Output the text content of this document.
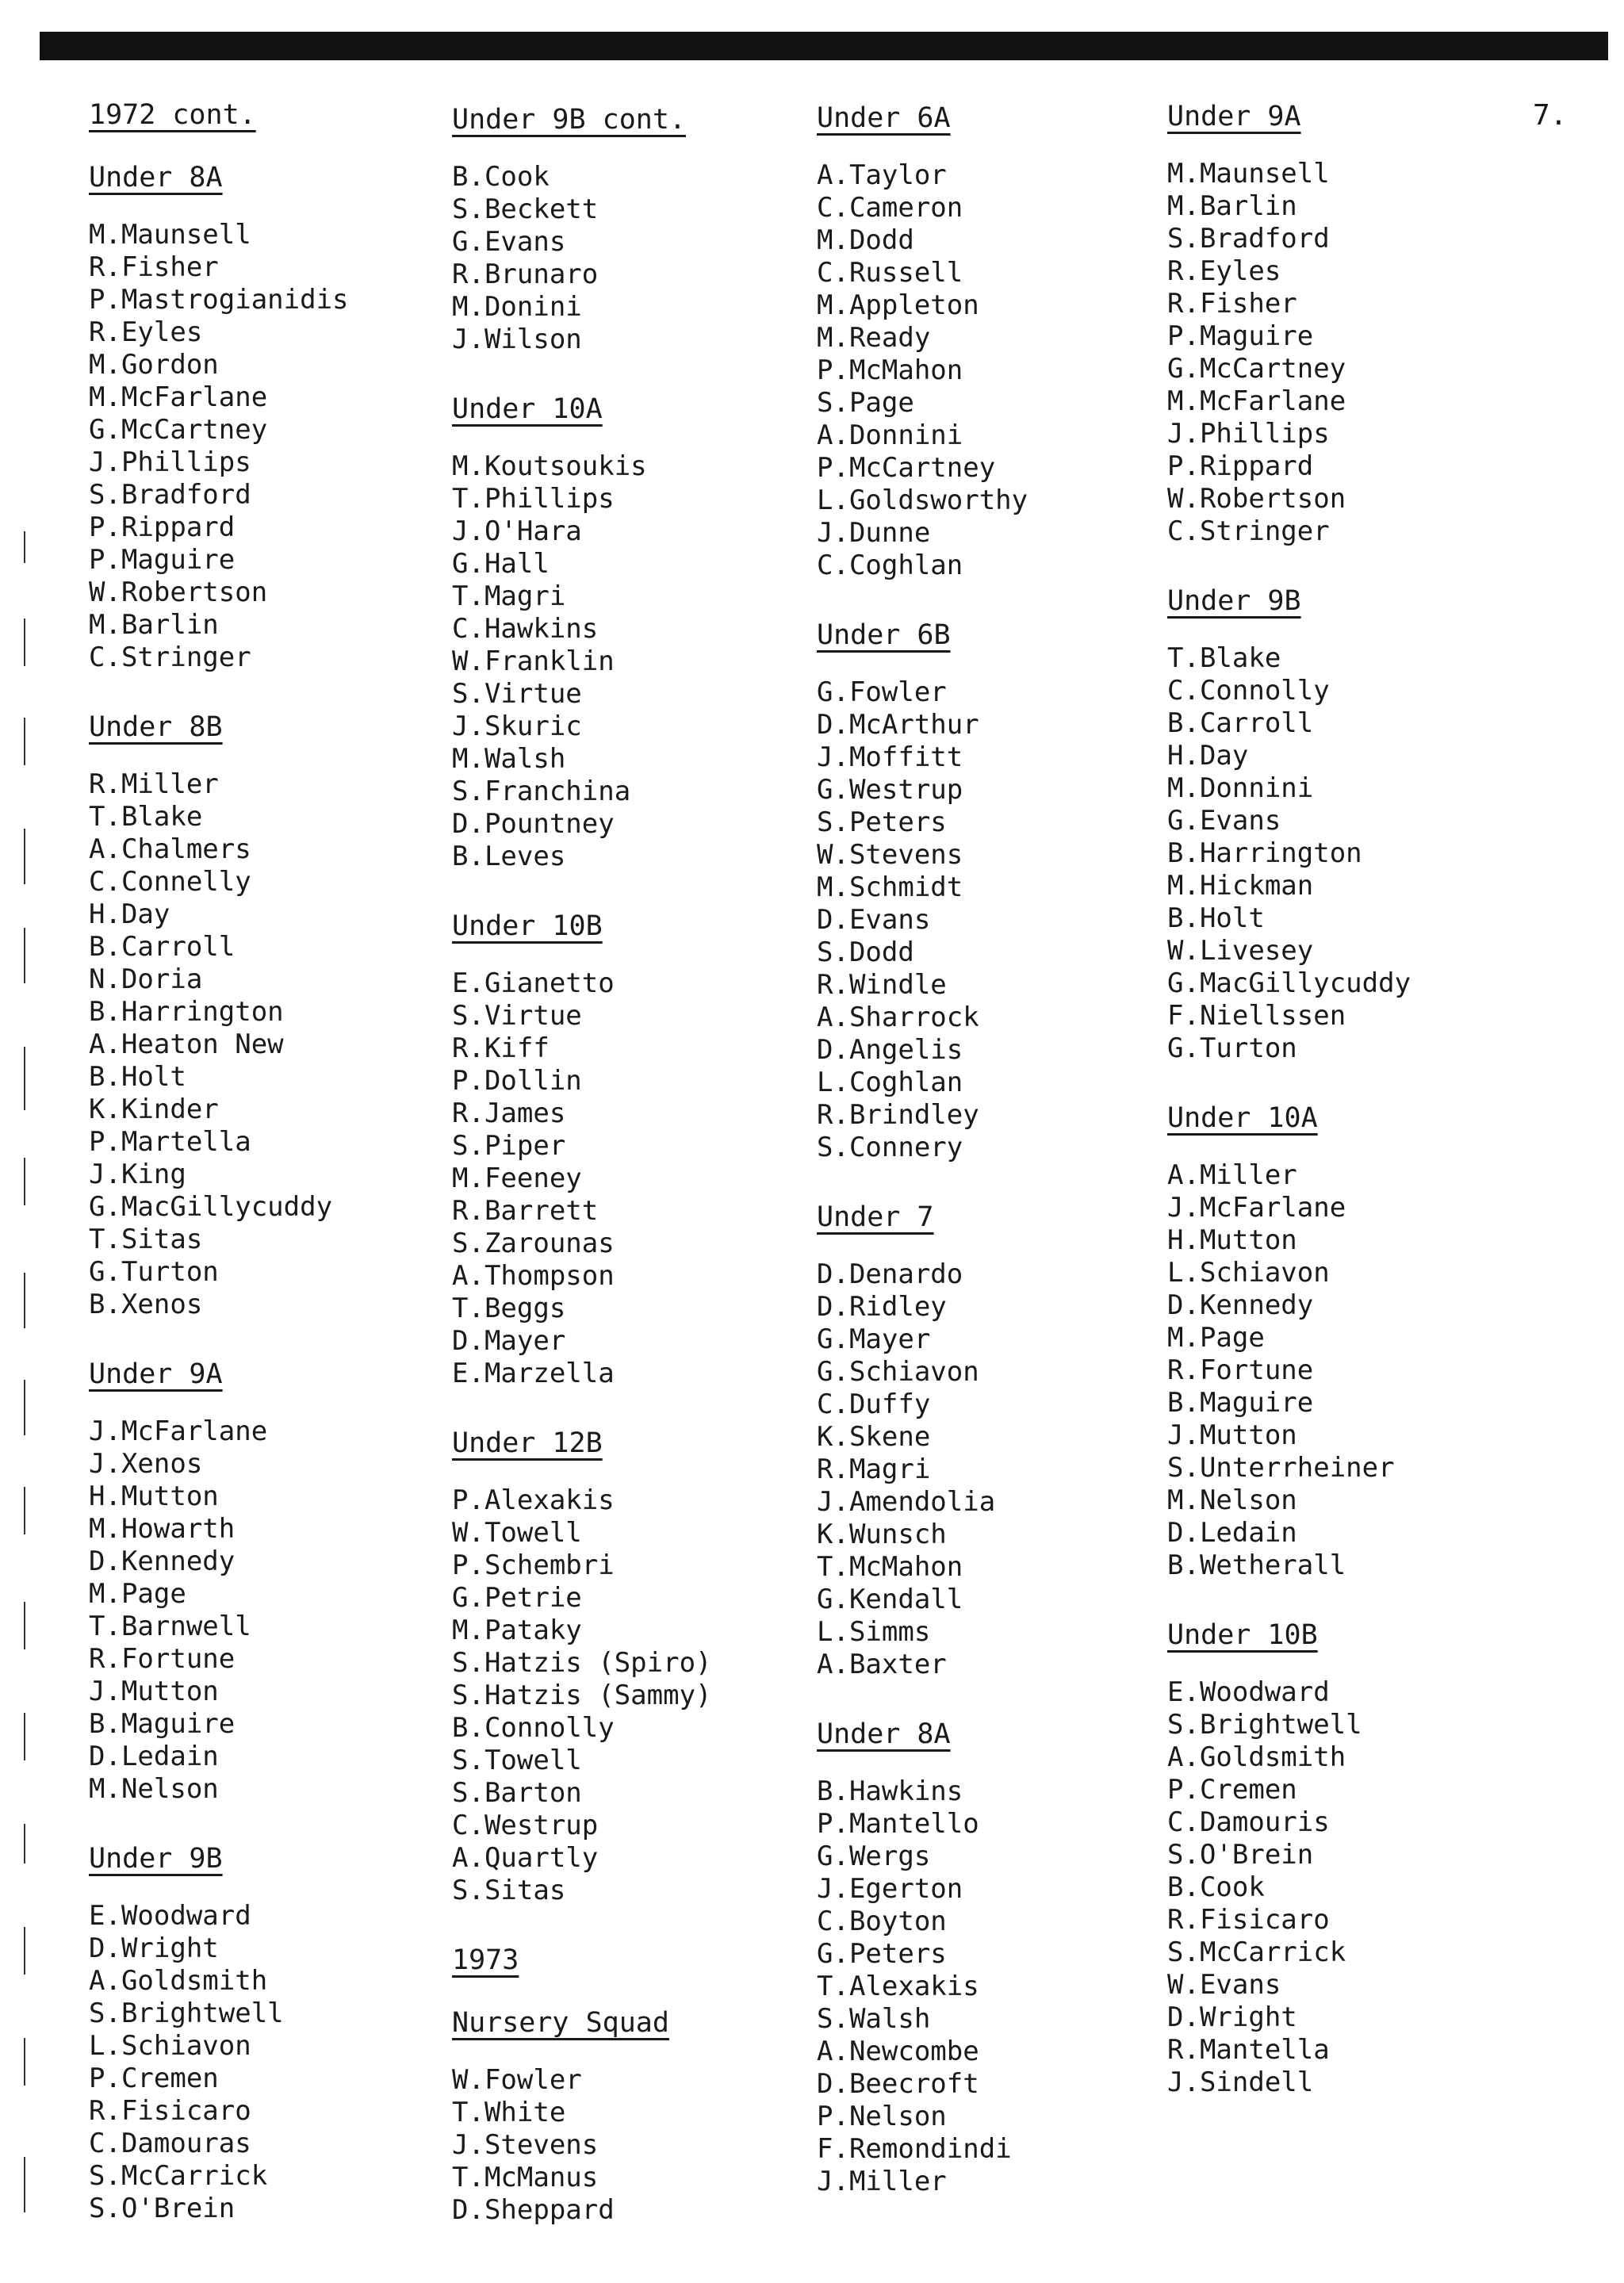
7.
1972 cont.
Under 8A
M.Maunsell
R.Fisher
P.Mastrogianidis
R.Eyles
M.Gordon
M.McFarlane
G.McCartney
J.Phillips
S.Bradford
P.Rippard
P.Maguire
W.Robertson
M.Barlin
C.Stringer
Under 8B
R.Miller
T.Blake
A.Chalmers
C.Connelly
H.Day
B.Carroll
N.Doria
B.Harrington
A.Heaton New
B.Holt
K.Kinder
P.Martella
J.King
G.MacGillycuddy
T.Sitas
G.Turton
B.Xenos
Under 9A
J.McFarlane
J.Xenos
H.Mutton
M.Howarth
D.Kennedy
M.Page
T.Barnwell
R.Fortune
J.Mutton
B.Maguire
D.Ledain
M.Nelson
Under 9B
E.Woodward
D.Wright
A.Goldsmith
S.Brightwell
L.Schiavon
P.Cremen
R.Fisicaro
C.Damouras
S.McCarrick
S.O'Brein
Under 9B cont.
B.Cook
S.Beckett
G.Evans
R.Brunaro
M.Donini
J.Wilson
Under 10A
M.Koutsoukis
T.Phillips
J.O'Hara
G.Hall
T.Magri
C.Hawkins
W.Franklin
S.Virtue
J.Skuric
M.Walsh
S.Franchina
D.Pountney
B.Leves
Under 10B
E.Gianetto
S.Virtue
R.Kiff
P.Dollin
R.James
S.Piper
M.Feeney
R.Barrett
S.Zarounas
A.Thompson
T.Beggs
D.Mayer
E.Marzella
Under 12B
P.Alexakis
W.Towell
P.Schembri
G.Petrie
M.Pataky
S.Hatzis (Spiro)
S.Hatzis (Sammy)
B.Connolly
S.Towell
S.Barton
C.Westrup
A.Quartly
S.Sitas
1973
Nursery Squad
W.Fowler
T.White
J.Stevens
T.McManus
D.Sheppard
Under 6A
A.Taylor
C.Cameron
M.Dodd
C.Russell
M.Appleton
M.Ready
P.McMahon
S.Page
A.Donnini
P.McCartney
L.Goldsworthy
J.Dunne
C.Coghlan
Under 6B
G.Fowler
D.McArthur
J.Moffitt
G.Westrup
S.Peters
W.Stevens
M.Schmidt
D.Evans
S.Dodd
R.Windle
A.Sharrock
D.Angelis
L.Coghlan
R.Brindley
S.Connery
Under 7
D.Denardo
D.Ridley
G.Mayer
G.Schiavon
C.Duffy
K.Skene
R.Magri
J.Amendolia
K.Wunsch
T.McMahon
G.Kendall
L.Simms
A.Baxter
Under 8A
B.Hawkins
P.Mantello
G.Wergs
J.Egerton
C.Boyton
G.Peters
T.Alexakis
S.Walsh
A.Newcombe
D.Beecroft
P.Nelson
F.Remondindi
J.Miller
Under 9A
M.Maunsell
M.Barlin
S.Bradford
R.Eyles
R.Fisher
P.Maguire
G.McCartney
M.McFarlane
J.Phillips
P.Rippard
W.Robertson
C.Stringer
Under 9B
T.Blake
C.Connolly
B.Carroll
H.Day
M.Donnini
G.Evans
B.Harrington
M.Hickman
B.Holt
W.Livesey
G.MacGillycuddy
F.Niellssen
G.Turton
Under 10A
A.Miller
J.McFarlane
H.Mutton
L.Schiavon
D.Kennedy
M.Page
R.Fortune
B.Maguire
J.Mutton
S.Unterrheiner
M.Nelson
D.Ledain
B.Wetherall
Under 10B
E.Woodward
S.Brightwell
A.Goldsmith
P.Cremen
C.Damouris
S.O'Brein
B.Cook
R.Fisicaro
S.McCarrick
W.Evans
D.Wright
R.Mantella
J.Sindell
